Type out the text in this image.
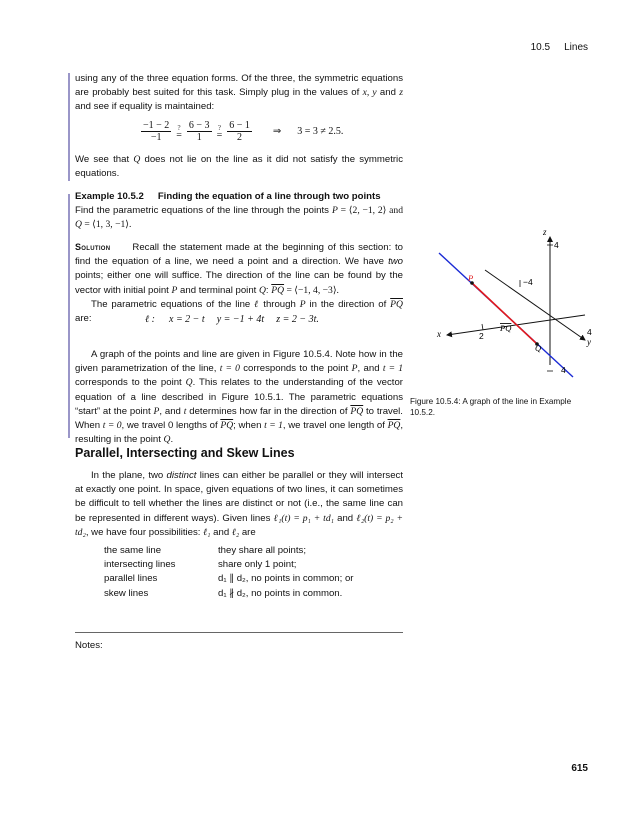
10.5 Lines

using any of the three equation forms. Of the three, the symmetric equations are probably best suited for this task. Simply plug in the values of x, y and z and see if equality is maintained:

$\frac{-1 - 2}{-1}$ ?
= $\frac{6 - 3}{1}$ ?
= $\frac{6 - 1}{2}$ ⇒ 3 = 3 ≠ 2.5.

We see that Q does not lie on the line as it did not satisfy the symmetric equations.

Example 10.5.2 Finding the equation of a line through two points

Find the parametric equations of the line through the points P = ⟨2, −1, 2⟩ and Q = ⟨1, 3, −1⟩.

Solution Recall the statement made at the beginning of this section: to find the equation of a line, we need a point and a direction. We have two points; either one will suffice. The direction of the line can be found by the vector with initial point P and terminal point Q: $\overline{PQ}$ = ⟨−1, 4, −3⟩.

The parametric equations of the line ℓ through P in the direction of $\overline{PQ}$ are:	ℓ : x = 2 − t y = −1 + 4t z = 2 − 3t.

A graph of the points and line are given in Figure 10.5.4. Note how in the given parametrization of the line, t = 0 corresponds to the point P, and t = 1 corresponds to the point Q. This relates to the understanding of the vector equation of a line described in Figure 10.5.1. The parametric equations “start” at the point P, and t determines how far in the direction of $\overline{PQ}$ to travel. When t = 0, we travel 0 lengths of $\overline{PQ}$; when t = 1, we travel one length of $\overline{PQ}$, resulting in the point Q.

Parallel, Intersecting and Skew Lines

In the plane, two distinct lines can either be parallel or they will intersect at exactly one point. In space, given equations of two lines, it can sometimes be difficult to tell whether the lines are distinct or not (i.e., the same line can be represented in different ways). Given lines ℓ₁(t) = p₁ + td₁ and ℓ₂(t) = p₂ + td₂, we have four possibilities: ℓ₁ and ℓ₂ are

the same line	they share all points;
intersecting lines	share only 1 point;
parallel lines	d₁ ∥ d₂, no points in common; or
skew lines	d₁ ∦ d₂, no points in common.
Notes:
z
4
−4
4
y
x	2
P
Q
PQ
4
Figure 10.5.4: A graph of the line in Example 10.5.2.
615
